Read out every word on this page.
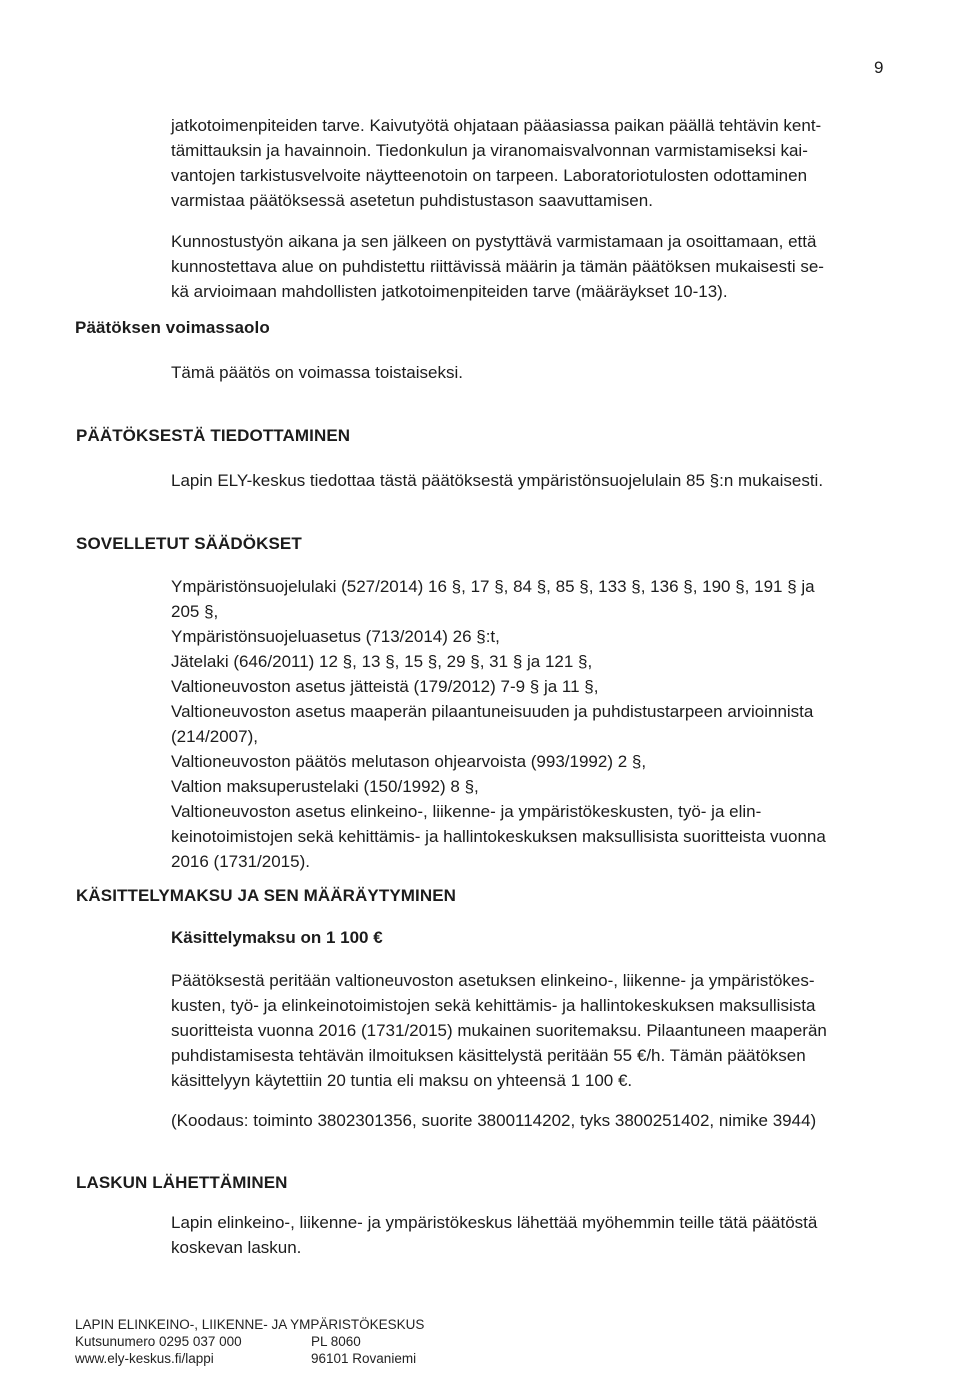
9

jatkotoimenpiteiden tarve. Kaivutyötä ohjataan pääasiassa paikan päällä tehtävin kent-
tämittauksin ja havainnoin. Tiedonkulun ja viranomaisvalvonnan varmistamiseksi kai-
vantojen tarkistusvelvoite näytteenotoin on tarpeen. Laboratoriotulosten odottaminen
varmistaa päätöksessä asetetun puhdistustason saavuttamisen.

Kunnostustyön aikana ja sen jälkeen on pystyttävä varmistamaan ja osoittamaan, että
kunnostettava alue on puhdistettu riittävissä määrin ja tämän päätöksen mukaisesti se-
kä arvioimaan mahdollisten jatkotoimenpiteiden tarve (määräykset 10-13).

Päätöksen voimassaolo

Tämä päätös on voimassa toistaiseksi.

PÄÄTÖKSESTÄ TIEDOTTAMINEN

Lapin ELY-keskus tiedottaa tästä päätöksestä ympäristönsuojelulain 85 §:n mukaisesti.

SOVELLETUT SÄÄDÖKSET

Ympäristönsuojelulaki (527/2014) 16 §, 17 §, 84 §, 85 §, 133 §, 136 §, 190 §, 191 § ja
205 §,
Ympäristönsuojeluasetus (713/2014) 26 §:t,
Jätelaki (646/2011) 12 §, 13 §, 15 §, 29 §, 31 § ja 121 §,
Valtioneuvoston asetus jätteistä (179/2012) 7-9 § ja 11 §,
Valtioneuvoston asetus maaperän pilaantuneisuuden ja puhdistustarpeen arvioinnista
(214/2007),
Valtioneuvoston päätös melutason ohjearvoista (993/1992) 2 §,
Valtion maksuperustelaki (150/1992) 8 §,
Valtioneuvoston asetus elinkeino-, liikenne- ja ympäristökeskusten, työ- ja elin-
keinotoimistojen sekä kehittämis- ja hallintokeskuksen maksullisista suoritteista vuonna
2016 (1731/2015).

KÄSITTELYMAKSU JA SEN MÄÄRÄYTYMINEN
Käsittelymaksu on 1 100 €

Päätöksestä peritään valtioneuvoston asetuksen elinkeino-, liikenne- ja ympäristökes-
kusten, työ- ja elinkeinotoimistojen sekä kehittämis- ja hallintokeskuksen maksullisista
suoritteista vuonna 2016 (1731/2015) mukainen suoritemaksu. Pilaantuneen maaperän
puhdistamisesta tehtävän ilmoituksen käsittelystä peritään 55 €/h. Tämän päätöksen
käsittelyyn käytettiin 20 tuntia eli maksu on yhteensä 1 100 €.

(Koodaus: toiminto 3802301356, suorite 3800114202, tyks 3800251402, nimike 3944)

LASKUN LÄHETTÄMINEN

Lapin elinkeino-, liikenne- ja ympäristökeskus lähettää myöhemmin teille tätä päätöstä
koskevan laskun.

LAPIN ELINKEINO-, LIIKENNE- JA YMPÄRISTÖKESKUS
Kutsunumero 0295 037 000	PL 8060
www.ely-keskus.fi/lappi	96101 Rovaniemi
